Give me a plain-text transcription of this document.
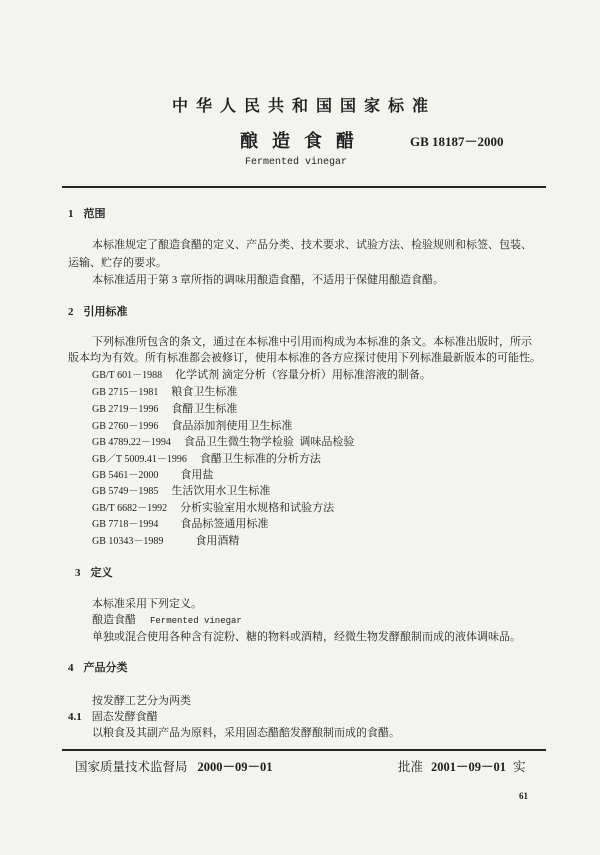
中华人民共和国国家标准
酿造食醋	GB 18187－2000
Fermented vinegar
1 范围
本标准规定了酿造食醋的定义、产品分类、技术要求、试验方法、检验规则和标签、包装、
运输、贮存的要求。
本标准适用于第 3 章所指的调味用酿造食醋，不适用于保健用酿造食醋。
2 引用标准
下列标准所包含的条文，通过在本标准中引用而构成为本标准的条文。本标准出版时，所示
版本均为有效。所有标准都会被修订，使用本标准的各方应探讨使用下列标准最新版本的可能性。
GB/T 601－1988 化学试剂 滴定分析（容量分析）用标准溶液的制备。
GB 2715－1981 粮食卫生标准
GB 2719－1996 食醋卫生标准
GB 2760－1996 食品添加剂使用卫生标准
GB 4789.22－1994 食品卫生微生物学检验  调味品检验
GB／T 5009.41－1996 食醋卫生标准的分析方法
GB 5461－2000 食用盐
GB 5749－1985 生活饮用水卫生标准
GB/T 6682－1992 分析实验室用水规格和试验方法
GB 7718－1994 食品标签通用标准
GB 10343－1989	食用酒精
3 定义
本标准采用下列定义。
酿造食醋 Fermented vinegar
单独或混合使用各种含有淀粉、糖的物料或酒精，经微生物发酵酿制而成的液体调味品。
4 产品分类
按发酵工艺分为两类
4.1 固态发酵食醋
以粮食及其副产品为原料，采用固态醋醅发酵酿制而成的食醋。
国家质量技术监督局 2000－09－01	批准 2001－09－01 实
61
